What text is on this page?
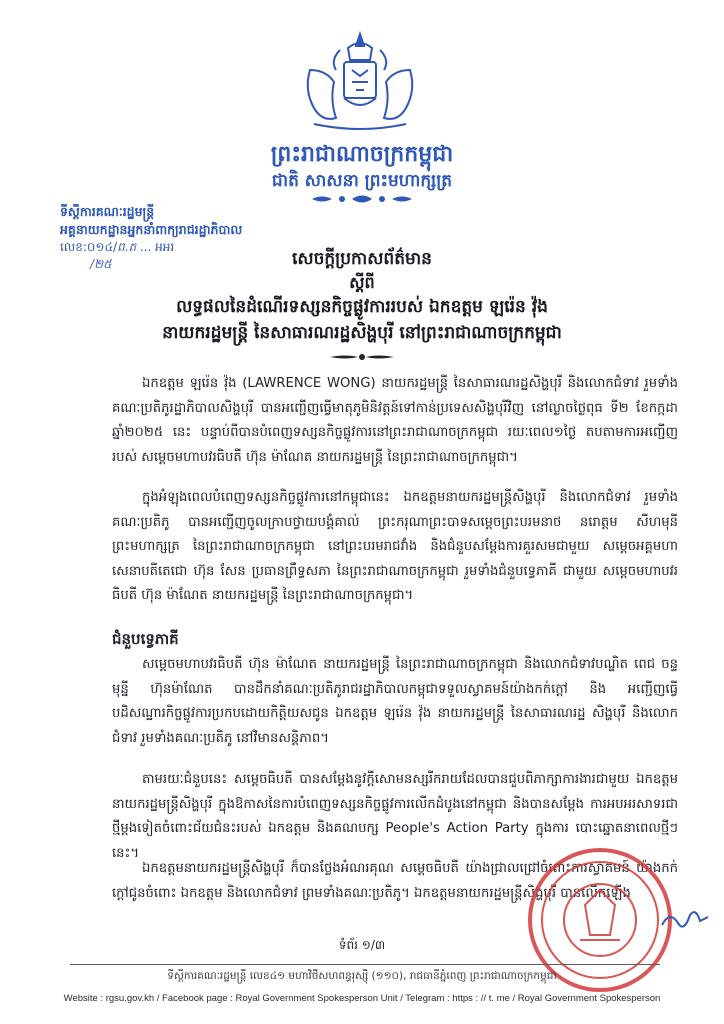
ព្រះរាជាណាចក្រកម្ពុជា
ជាតិ សាសនា ព្រះមហាក្សត្រ
ទីស្ដីការគណៈរដ្ឋមន្ត្រី
អគ្គនាយកដ្ឋានអ្នកនាំពាក្យរាជរដ្ឋាភិបាល
លេខ:០១៤/ព.ត ... អអរ
/២៥	សេចក្ដីប្រកាសព័ត៌មាន
ស្ដីពី
លទ្ធផលនៃដំណើរទស្សនកិច្ចផ្លូវការរបស់ ឯកឧត្ដម ឡរ៉េន វ៉ុង
នាយករដ្ឋមន្ត្រី នៃសាធារណរដ្ឋសិង្ហបុរី នៅព្រះរាជាណាចក្រកម្ពុជា
ឯកឧត្តម ឡរ៉េន វ៉ុង (LAWRENCE WONG) នាយករដ្ឋមន្ត្រី នៃសាធារណរដ្ឋសិង្ហបុរី និងលោកជំទាវ រួមទាំងគណៈប្រតិភូរដ្ឋាភិបាលសិង្ហបុរី បានអញ្ជើញធ្វើមាតុភូមិនិវត្តន៍ទៅកាន់ប្រទេសសិង្ហបុរីវិញ នៅល្ងាចថ្ងៃពុធ ទី២ ខែកក្កដា ឆ្នាំ២០២៥ នេះ បន្ទាប់ពីបានបំពេញទស្សនកិច្ចផ្លូវការនៅព្រះរាជាណាចក្រកម្ពុជា រយៈពេល១ថ្ងៃ តបតាមការអញ្ជើញរបស់ សម្ដេចមហាបវរធិបតី ហ៊ុន ម៉ាណែត នាយករដ្ឋមន្ត្រី នៃព្រះរាជាណាចក្រកម្ពុជា។
ក្នុងអំឡុងពេលបំពេញទស្សនកិច្ចផ្លូវការនៅកម្ពុជានេះ ឯកឧត្តមនាយករដ្ឋមន្ត្រីសិង្ហបុរី និងលោកជំទាវ រួមទាំងគណៈប្រតិភូ បានអញ្ជើញចូលក្រាបថ្វាយបង្គំគាល់ ព្រះករុណាព្រះបាទសម្ដេចព្រះបរមនាថ នរោត្តម សីហមុនី ព្រះមហាក្សត្រ នៃព្រះរាជាណាចក្រកម្ពុជា នៅព្រះបរមរាជវាំង និងជំនួបសម្ដែងការគួរសមជាមួយ សម្ដេចអគ្គមហាសេនាបតីតេជោ ហ៊ុន សែន ប្រធានព្រឹទ្ធសភា នៃព្រះរាជាណាចក្រកម្ពុជា រួមទាំងជំនួបទ្វេភាគី ជាមួយ សម្ដេចមហាបវរធិបតី ហ៊ុន ម៉ាណែត នាយករដ្ឋមន្ត្រី នៃព្រះរាជាណាចក្រកម្ពុជា។
ជំនួបទ្វេភាគី
សម្ដេចមហាបវរធិបតី ហ៊ុន ម៉ាណែត នាយករដ្ឋមន្ត្រី នៃព្រះរាជាណាចក្រកម្ពុជា និងលោកជំទាវបណ្ឌិត ពេជ ចន្ទមុន្នី ហ៊ុនម៉ាណែត បានដឹកនាំគណៈប្រតិភូរាជរដ្ឋាភិបាលកម្ពុជាទទួលស្វាគមន៍យ៉ាងកក់ក្ដៅ និង អញ្ជើញធ្វើបដិសណ្ឋារកិច្ចផ្លូវការប្រកបដោយកិត្តិយសជូន ឯកឧត្តម ឡរ៉េន វ៉ុង នាយករដ្ឋមន្ត្រី នៃសាធារណរដ្ឋ សិង្ហបុរី និងលោកជំទាវ រួមទាំងគណៈប្រតិភូ នៅវិមានសន្តិភាព។
តាមរយៈជំនួបនេះ សម្ដេចធិបតី បានសម្ដែងនូវក្ដីសោមនស្សរីករាយដែលបានជួបពិភាក្សាការងារជាមួយ ឯកឧត្តមនាយករដ្ឋមន្ត្រីសិង្ហបុរី ក្នុងឱកាសនៃការបំពេញទស្សនកិច្ចផ្លូវការលើកដំបូងនៅកម្ពុជា និងបានសម្ដែង ការអបអរសាទរជាថ្មីម្ដងទៀតចំពោះជ័យជំនះរបស់ ឯកឧត្តម និងគណបក្ស People's Action Party ក្នុងការ បោះឆ្នោតនាពេលថ្មីៗនេះ។
ឯកឧត្តមនាយករដ្ឋមន្ត្រីសិង្ហបុរី ក៏បានថ្លែងអំណរគុណ សម្ដេចធិបតី យ៉ាងជ្រាលជ្រៅចំពោះការស្វាគមន៍ យ៉ាងកក់ក្ដៅជូនចំពោះ ឯកឧត្តម និងលោកជំទាវ ព្រមទាំងគណៈប្រតិភូ។ ឯកឧត្តមនាយករដ្ឋមន្ត្រីសិង្ហបុរី បានលើកឡើង
ទំព័រ ១/៣
ទីស្ដីការគណៈរដ្ឋមន្ត្រី លេខ៤១ មហាវិថីសហពន្ធរុស្ស៊ី (១១០), រាជធានីភ្នំពេញ ព្រះរាជាណាចក្រកម្ពុជា
Website : rgsu.gov.kh / Facebook page : Royal Government Spokesperson Unit / Telegram : https : // t. me / Royal Government Spokesperson
